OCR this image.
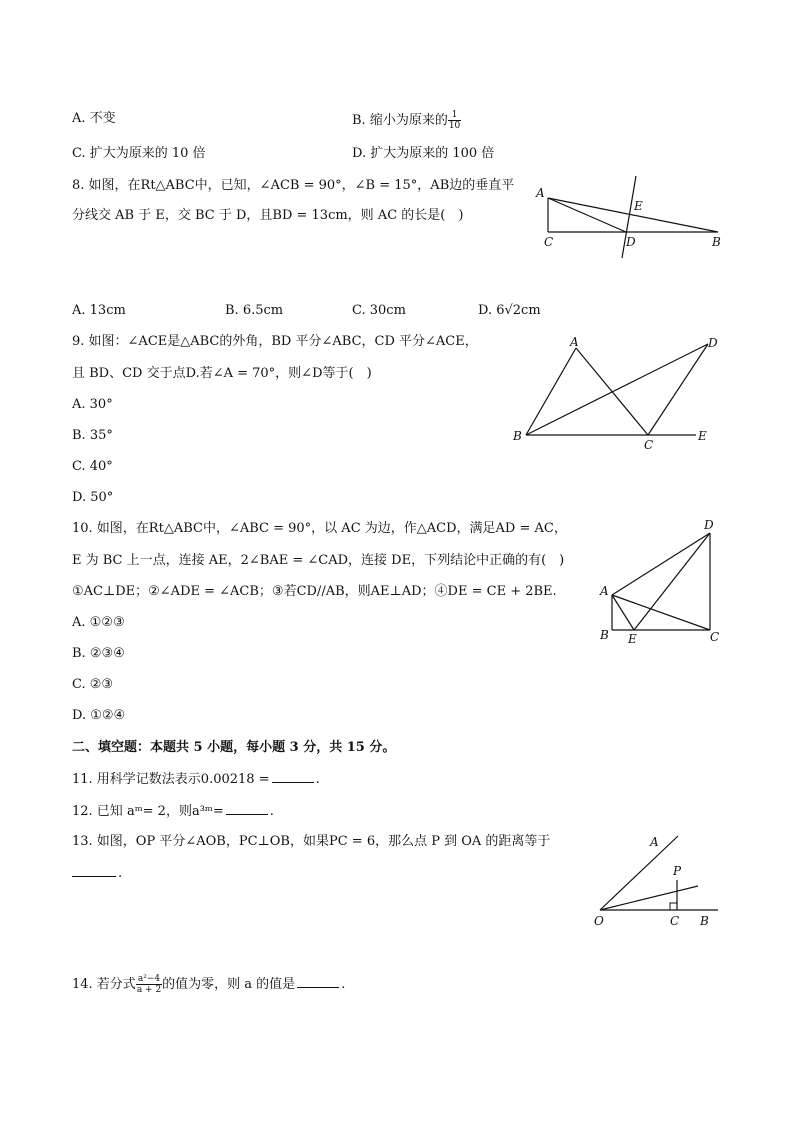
A. 不变	B. 缩小为原来的 $\frac{1}{10}$
C. 扩大为原来的 10 倍	D. 扩大为原来的 100 倍
8. 如图，在Rt△ABC中，已知，∠ACB = 90°，∠B = 15°，AB边的垂直平
分线交 AB 于 E，交 BC 于 D，且BD = 13cm，则 AC 的长是(　)
A
C	D	B
E
A. 13cm	B. 6.5cm	C. 30cm	D. 6√2cm
9. 如图：∠ACE是△ABC的外角，BD 平分∠ABC，CD 平分∠ACE，
且 BD、CD 交于点D.若∠A = 70°，则∠D等于(　)
A. 30°
B. 35°
C. 40°
D. 50°
A	D
B
C
E
10. 如图，在Rt△ABC中，∠ABC = 90°，以 AC 为边，作△ACD，满足AD = AC，
E 为 BC 上一点，连接 AE，2∠BAE = ∠CAD，连接 DE，下列结论中正确的有(　)
①AC⊥DE；②∠ADE = ∠ACB；③若CD//AB，则AE⊥AD；④DE = CE + 2BE.
A. ①②③
B. ②③④
C. ②③
D. ①②④
D
A
B E	C
二、填空题：本题共 5 小题，每小题 3 分，共 15 分。
11. 用科学记数法表示0.00218 =	.
12. 已知 aᵐ= 2，则a³ᵐ=	.
13. 如图，OP 平分∠AOB，PC⊥OB，如果PC = 6，那么点 P 到 OA 的距离等于
.
A
P
O	C B
14. 若分式 $\frac{\text{a²−4}}{a + 2}$ 的值为零，则 a 的值是	.
